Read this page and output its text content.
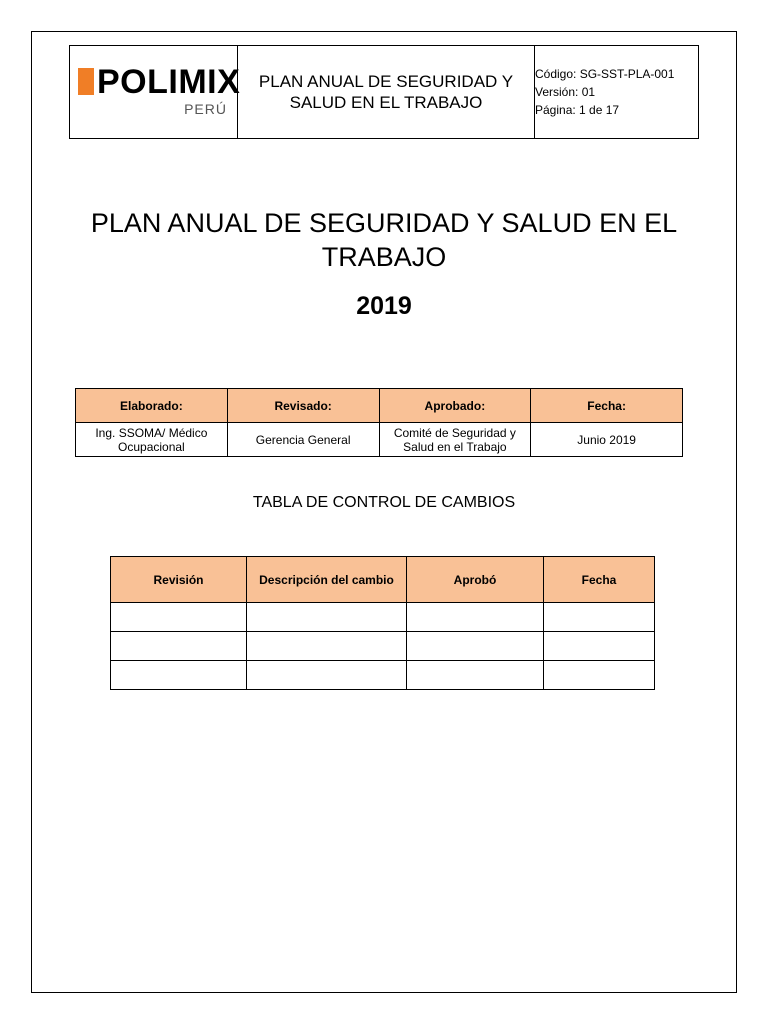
POLIMIX
PERÚ
	PLAN ANUAL DE SEGURIDAD Y SALUD EN EL TRABAJO	
Código: SG-SST-PLA-001
Versión: 01
Página: 1 de 17
PLAN ANUAL DE SEGURIDAD Y SALUD EN EL TRABAJO
2019
Elaborado:	Revisado:	Aprobado:	Fecha:
Ing. SSOMA/ Médico Ocupacional	Gerencia General	Comité de Seguridad y Salud en el Trabajo	Junio 2019
TABLA DE CONTROL DE CAMBIOS
Revisión	Descripción del cambio	Aprobó	Fecha
